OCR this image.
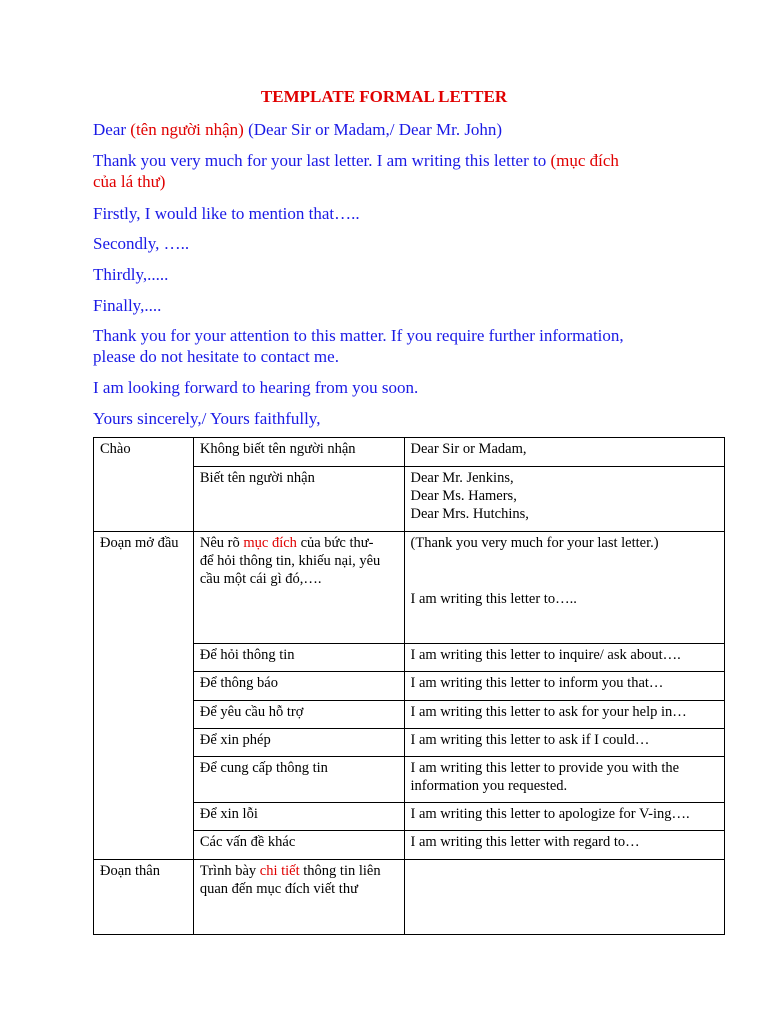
TEMPLATE FORMAL LETTER
Dear (tên người nhận) (Dear Sir or Madam,/ Dear Mr. John)
Thank you very much for your last letter. I am writing this letter to (mục đích
của lá thư)
Firstly, I would like to mention that…..
Secondly, …..
Thirdly,.....
Finally,....
Thank you for your attention to this matter. If you require further information,
please do not hesitate to contact me.
I am looking forward to hearing from you soon.
Yours sincerely,/ Yours faithfully,
Chào	Không biết tên người nhận	Dear Sir or Madam,
	Biết tên người nhận	Dear Mr. Jenkins,
Dear Ms. Hamers,
Dear Mrs. Hutchins,

Đoạn mở đầu	Nêu rõ mục đích của bức thư-
để hỏi thông tin, khiếu nại, yêu
cầu một cái gì đó,….	(Thank you very much for your last letter.)
I am writing this letter to…..

	Để hỏi thông tin	I am writing this letter to inquire/ ask about….
	Để thông báo	I am writing this letter to inform you that…
	Để yêu cầu hỗ trợ	I am writing this letter to ask for your help in…
	Để xin phép	I am writing this letter to ask if I could…
	Để cung cấp thông tin	I am writing this letter to provide you with the
information you requested.

	Để xin lỗi	I am writing this letter to apologize for V-ing….
	Các vấn đề khác	I am writing this letter with regard to…
Đoạn thân	Trình bày chi tiết thông tin liên
quan đến mục đích viết thư	
